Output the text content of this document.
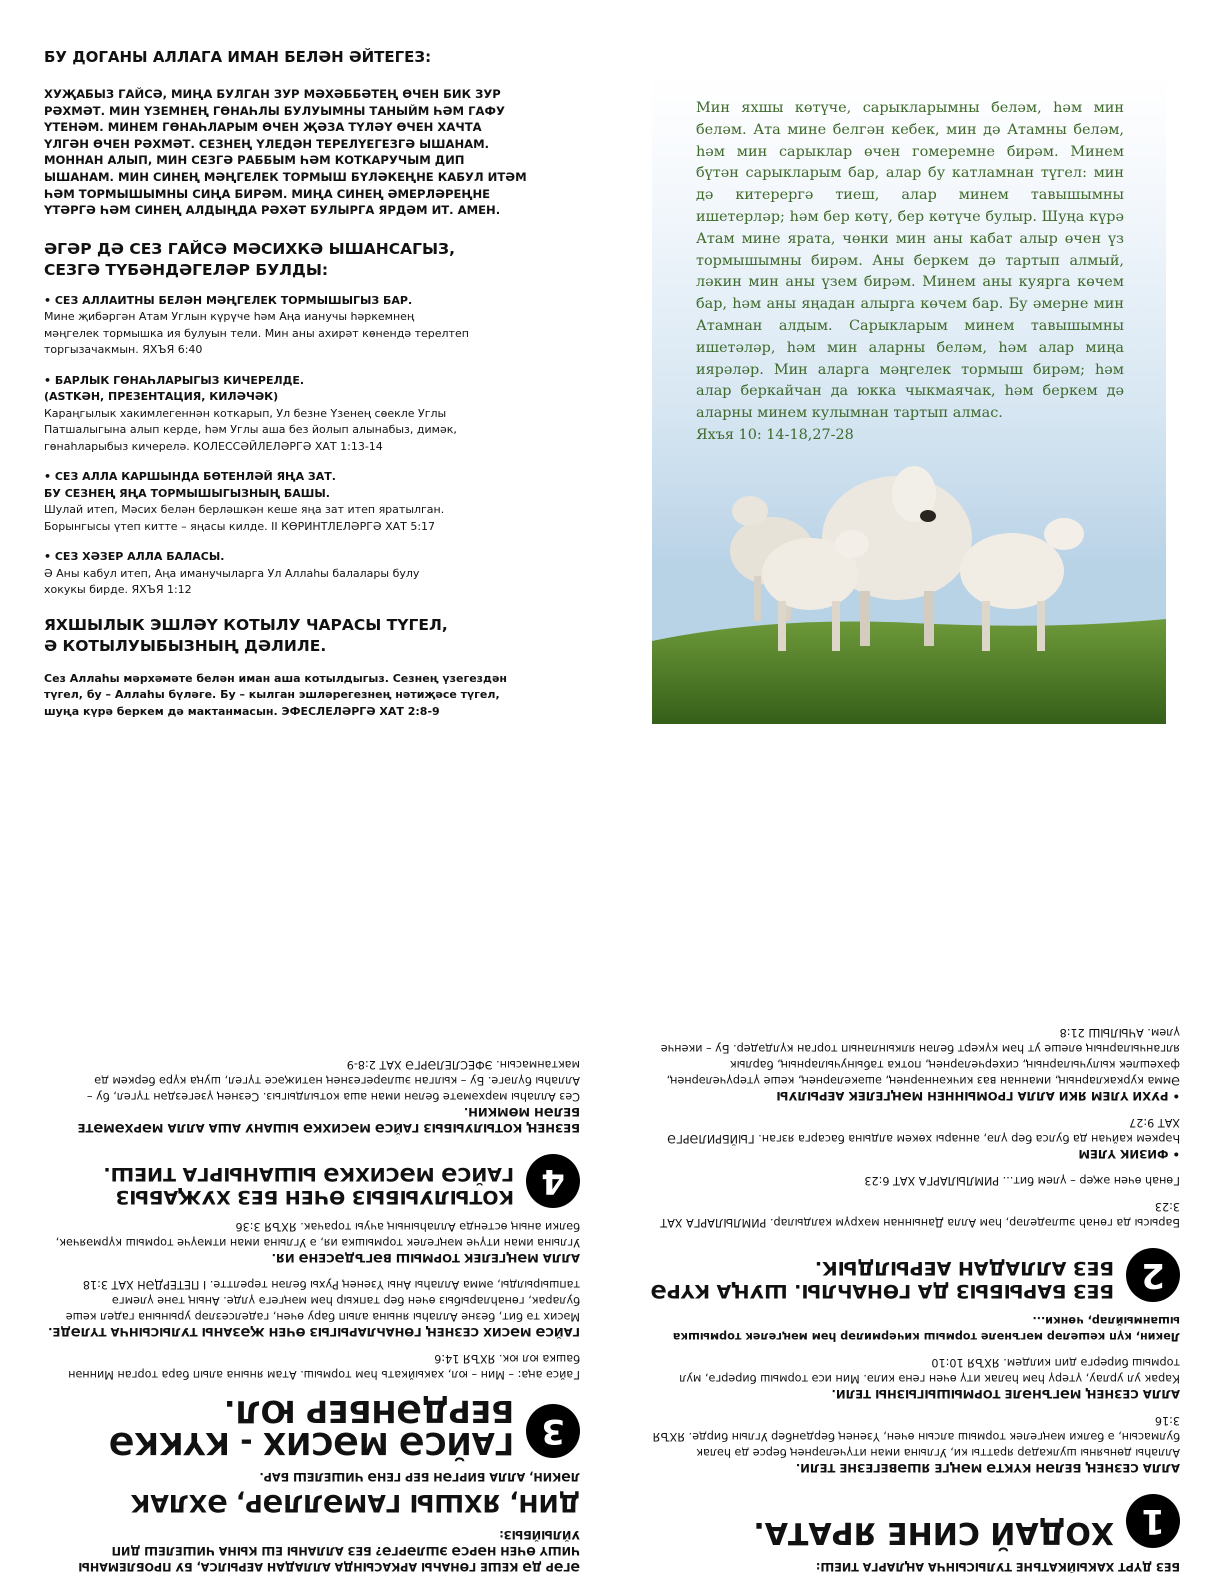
БУ ДОГАНЫ АЛЛАГА ИМАН БЕЛӘН ӘЙТЕГЕЗ:
ХУҖАБЫЗ ГАЙСӘ, МИҢА БУЛГАН ЗУР МӘХӘББӘТЕҢ ӨЧЕН БИК ЗУР
РӘХМӘТ. МИН ҮЗЕМНЕҢ ГӨНАҺЛЫ БУЛУЫМНЫ ТАНЫЙМ ҺӘМ ГАФУ
ҮТЕНӘМ. МИНЕМ ГӨНАҺЛАРЫМ ӨЧЕН ҖӘЗА ТҮЛӘҮ ӨЧЕН ХАЧТА
ҮЛГӘН ӨЧЕН РӘХМӘТ. СЕЗНЕҢ ҮЛЕДӘН ТЕРЕЛҮЕГЕЗГӘ ЫШАНАМ.
МОННАН АЛЫП, МИН СЕЗГӘ РАББЫМ ҺӘМ КОТКАРУЧЫМ ДИП
ЫШАНАМ. МИН СИНЕҢ МӘҢГЕЛЕК ТОРМЫШ БҮЛӘКЕҢНЕ КАБУЛ ИТӘМ
ҺӘМ ТОРМЫШЫМНЫ СИҢА БИРӘМ. МИҢА СИНЕҢ ӘМЕРЛӘРЕҢНЕ
ҮТӘРГӘ ҺӘМ СИНЕҢ АЛДЫҢДА РӘХӘТ БУЛЫРГА ЯРДӘМ ИТ. АМЕН.
ӘГӘР ДӘ СЕЗ ГАЙСӘ МӘСИХКӘ ЫШАНСАГЫЗ,
СЕЗГӘ ТҮБӘНДӘГЕЛӘР БУЛДЫ:
• СЕЗ АЛЛАИТНЫ БЕЛӘН МӘҢГЕЛЕК ТОРМЫШЫГЫЗ БАР.
Мине җибәргән Атам Углын күрүче һәм Аңа ианучы һәркемнең
мәңгелек тормышка ия булуын тели. Мин аны ахирәт көнендә терелтеп
торгызачакмын. ЯХЪЯ 6:40
• БАРЛЫК ГӨНАҺЛАРЫГЫЗ КИЧЕРЕЛДЕ.
(ASTKӘН, ПРЕЗЕНТАЦИЯ, КИЛӘЧӘК)
Караңгылык хакимлегеннән коткарып, Ул безне Үзенең сөекле Углы
Патшалыгына алып керде, һәм Углы аша без йолып алынабыз, димәк,
гөнаһларыбыз кичерелә. КОЛЕССӘЙЛЕЛӘРГӘ ХАТ 1:13-14
• СЕЗ АЛЛА КАРШЫНДА БӨТЕНЛӘЙ ЯҢА ЗАТ.
БУ СЕЗНЕҢ ЯҢА ТОРМЫШЫГЫЗНЫҢ БАШЫ.
Шулай итеп, Мәсих белән берләшкән кеше яңа зат итеп яратылган.
Борынгысы үтеп китте – яңасы килде. II КӨРИНТЛЕЛӘРГӘ ХАТ 5:17
• СЕЗ ХӘЗЕР АЛЛА БАЛАСЫ.
Ә Аны кабул итеп, Аңа иманучыларга Ул Аллаһы балалары булу
хокукы бирде. ЯХЪЯ 1:12
ЯХШЫЛЫК ЭШЛӘҮ КОТЫЛУ ЧАРАСЫ ТҮГЕЛ,
Ә КОТЫЛУЫБЫЗНЫҢ ДӘЛИЛЕ.
Сез Аллаһы мәрхәмәте белән иман аша котылдыгыз. Сезнең үзегездән
түгел, бу – Аллаһы бүләге. Бу – кылган эшләрегезнең нәтиҗәсе түгел,
шуңа күрә беркем дә мактанмасын. ЭФЕСЛЕЛӘРГӘ ХАТ 2:8-9
Мин яхшы көтүче, сарыкларымны беләм, һәм мин беләм. Ата мине белгән кебек, мин дә Атамны беләм, һәм мин сарыклар өчен гомеремне бирәм. Минем бүтән сарыкларым бар, алар бу катламнан түгел: мин дә китерергә тиеш, алар минем тавышымны ишетерләр; һәм бер көтү, бер көтүче булыр. Шуңа күрә Атам мине ярата, чөнки мин аны кабат алыр өчен үз тормышымны бирәм. Аны беркем дә тартып алмый, ләкин мин аны үзем бирәм. Минем аны куярга көчем бар, һәм аны яңадан алырга көчем бар. Бу әмерне мин Атамнан алдым. Сарыкларым минем тавышымны ишетәләр, һәм мин аларны беләм, һәм алар миңа иярәләр. Мин аларга мәңгелек тормыш бирәм; һәм алар беркайчан да юкка чыкмаячак, һәм беркем дә аларны минем кулымнан тартып алмас.
Яхъя 10: 14-18,27-28
ӘГӘР ДӘ КЕШЕ ГӨНАҺЫ АРКАСЫНДА АЛЛАДАН АЕРЫЛСА, БУ ПРОБЛЕМАНЫ ЧИШҮ ӨЧЕН НӘРСӘ ЭШЛӘРГӘ? БЕЗ АЛЛАНЫ ЕШ КЫНА ЧИШЕЛЕШ ДИП УЙЛЫЙБЫЗ:
ДИН, ЯХШЫ ГАМӘЛЛӘР, ӘХЛАК
ЛӘКИН, АЛЛА БИРГӘН БЕР ГЕНӘ ЧИШЕЛЕШ БАР.
3
ГАЙСӘ МӘСИХ - КҮККӘ БЕРДӘНБЕР ЮЛ.
Гайсә аңа: – Мин – юл, хакыйкать һәм тормыш. Атам янына алып бара торган Миннән башка юл юк. ЯХЪЯ 14:6
ГАЙСӘ МӘСИХ СЕЗНЕҢ ГӨНАҺЛАРЫГЫЗ ӨЧЕН ҖӘЗАНЫ ТУЛЫСЫНЧА ТҮЛӘДЕ.
Мәсих тә бит, безне Аллаһы янына алып бару өчен, гаделсезләр урынына гадел кеше буларак, гөнаһларыбыз өчен бер тапкыр һәм мәңгегә үлде. Аның тәне үлемгә тапшырылды, әмма Аллаһы Аны Үзенең Рухы белән терелтте. I ПЕТЕРДӘН ХАТ 3:18
АЛЛА МӘҢГЕЛЕК ТОРМЫШ ВӘГЪДӘСЕНӘ ИЯ.
Углына иман итүче мәңгелек тормышка ия, ә Углына иман итмәүче тормыш күрмәячәк, бәлки аның өстендә Аллаһының ачуы торачак. ЯХЪЯ 3:36
4
КОТЫЛУЫБЫЗ ӨЧЕН БЕЗ ХУҖАБЫЗ ГАЙСӘ МӘСИХКӘ ЫШАНЫРГА ТИЕШ.
БЕЗНЕҢ КОТЫЛУЫБЫЗ ГАЙСӘ МӘСИХКӘ ЫШАНУ АША АЛЛА МӘРХӘМӘТЕ БЕЛӘН МӨМКИН.
Сез Аллаһы мәрхәмәте белән иман аша котылдыгыз. Сезнең үзегездән түгел, бу – Аллаһы бүләге. Бу – кылган эшләрегезнең нәтиҗәсе түгел, шуңа күрә беркем дә мактанмасын. ЭФЕСЛЕЛӘРГӘ ХАТ 2:8-9
БЕЗ ДҮРТ ХАКЫЙКАТЬНЕ ТУЛЫСЫНЧА АҢЛАРГА ТИЕШ:
1
ХОДАЙ СИНЕ ЯРАТА.
АЛЛА СЕЗНЕҢ БЕЛӘН КҮКТӘ МӘҢГЕ ЯШӘВЕГЕЗНЕ ТЕЛИ.
Аллаһы дөньяны шулкадәр яратты ки, Углына иман итүчеләрнең берсе дә һәлак булмасын, ә бәлки мәңгелек тормыш алсын өчен, Үзенең бердәнбер Углын бирде. ЯХЪЯ 3:16
АЛЛА СЕЗНЕҢ МӘГЪНӘЛЕ ТОРМЫШЫГЫЗНЫ ТЕЛИ.
Карак ул урлау, үтерү һәм һәлак итү өчен генә килә. Мин исә тормыш бирергә, мул тормыш бирергә дип килдем. ЯХЪЯ 10:10
Ләкин, күп кешеләр мәгънәле тормыш кичермиләр һәм мәңгелек тормышка ышанмыйлар, чөнки...
2
БЕЗ БАРЫБЫЗ ДА ГӨНАҺЛЫ. ШУҢА КҮРӘ БЕЗ АЛЛАДАН АЕРЫЛДЫК.
Барысы да гөнаһ эшләделәр, һәм Алла Даныннан мәхрүм калдылар. РИМЛЫЛАРГА ХАТ 3:23
Гөнаһ өчен әҗер – үлем бит... РИМЛЫЛАРГА ХАТ 6:23
• ФИЗИК ҮЛЕМ
Һәркем кайчан да булса бер үлә, аннары хөкем алдына басарга язган. ГЫЙБРИЛӘРГӘ ХАТ 9:27
• РУХИ ҮЛЕМ ЯКИ АЛЛА ГРОМЫННЕН МӘҢГЕЛЕК АЕРЫЛУЫ
Әмма куркакларның, иманнан ваз кичкәннәрнең, әшәкеләрнең, кеше үтерүчеләрнең, фәхешлек кылучыларның, сихерчеләрнең, потка табынучыларның, барлык ялганчыларның өлеше ут һәм күкерт белән ялкынланып торган күлдәдер. Бу – икенче үлем. АЧЫЛЫШ 21:8
